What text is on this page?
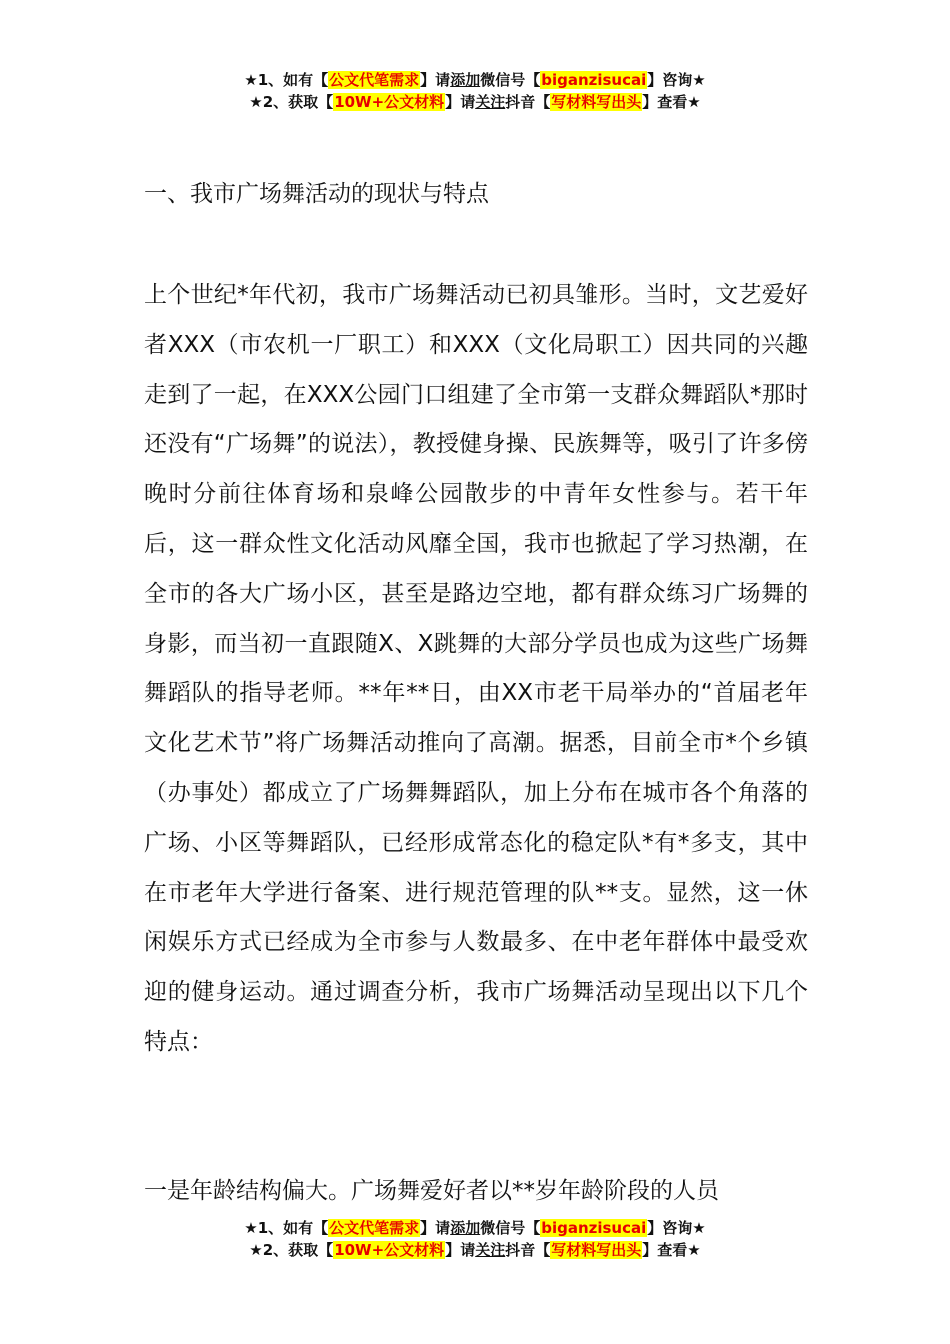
★1、如有【公文代笔需求】请添加微信号【biganzisucai】咨询★
★2、获取【10W+公文材料】请关注抖音【写材料写出头】查看★
一、我市广场舞活动的现状与特点

上个世纪*年代初，我市广场舞活动已初具雏形。当时，文艺爱好者XXX（市农机一厂职工）和XXX（文化局职工）因共同的兴趣走到了一起，在XXX公园门口组建了全市第一支群众舞蹈队*那时还没有“广场舞”的说法），教授健身操、民族舞等，吸引了许多傍晚时分前往体育场和泉峰公园散步的中青年女性参与。若干年后，这一群众性文化活动风靡全国，我市也掀起了学习热潮，在全市的各大广场小区，甚至是路边空地，都有群众练习广场舞的身影，而当初一直跟随X、X跳舞的大部分学员也成为这些广场舞舞蹈队的指导老师。**年**日，由XX市老干局举办的“首届老年文化艺术节”将广场舞活动推向了高潮。据悉，目前全市*个乡镇（办事处）都成立了广场舞舞蹈队，加上分布在城市各个角落的广场、小区等舞蹈队，已经形成常态化的稳定队*有*多支，其中在市老年大学进行备案、进行规范管理的队**支。显然，这一休闲娱乐方式已经成为全市参与人数最多、在中老年群体中最受欢迎的健身运动。通过调查分析，我市广场舞活动呈现出以下几个特点：

一是年龄结构偏大。广场舞爱好者以**岁年龄阶段的人员

★1、如有【公文代笔需求】请添加微信号【biganzisucai】咨询★
★2、获取【10W+公文材料】请关注抖音【写材料写出头】查看★
